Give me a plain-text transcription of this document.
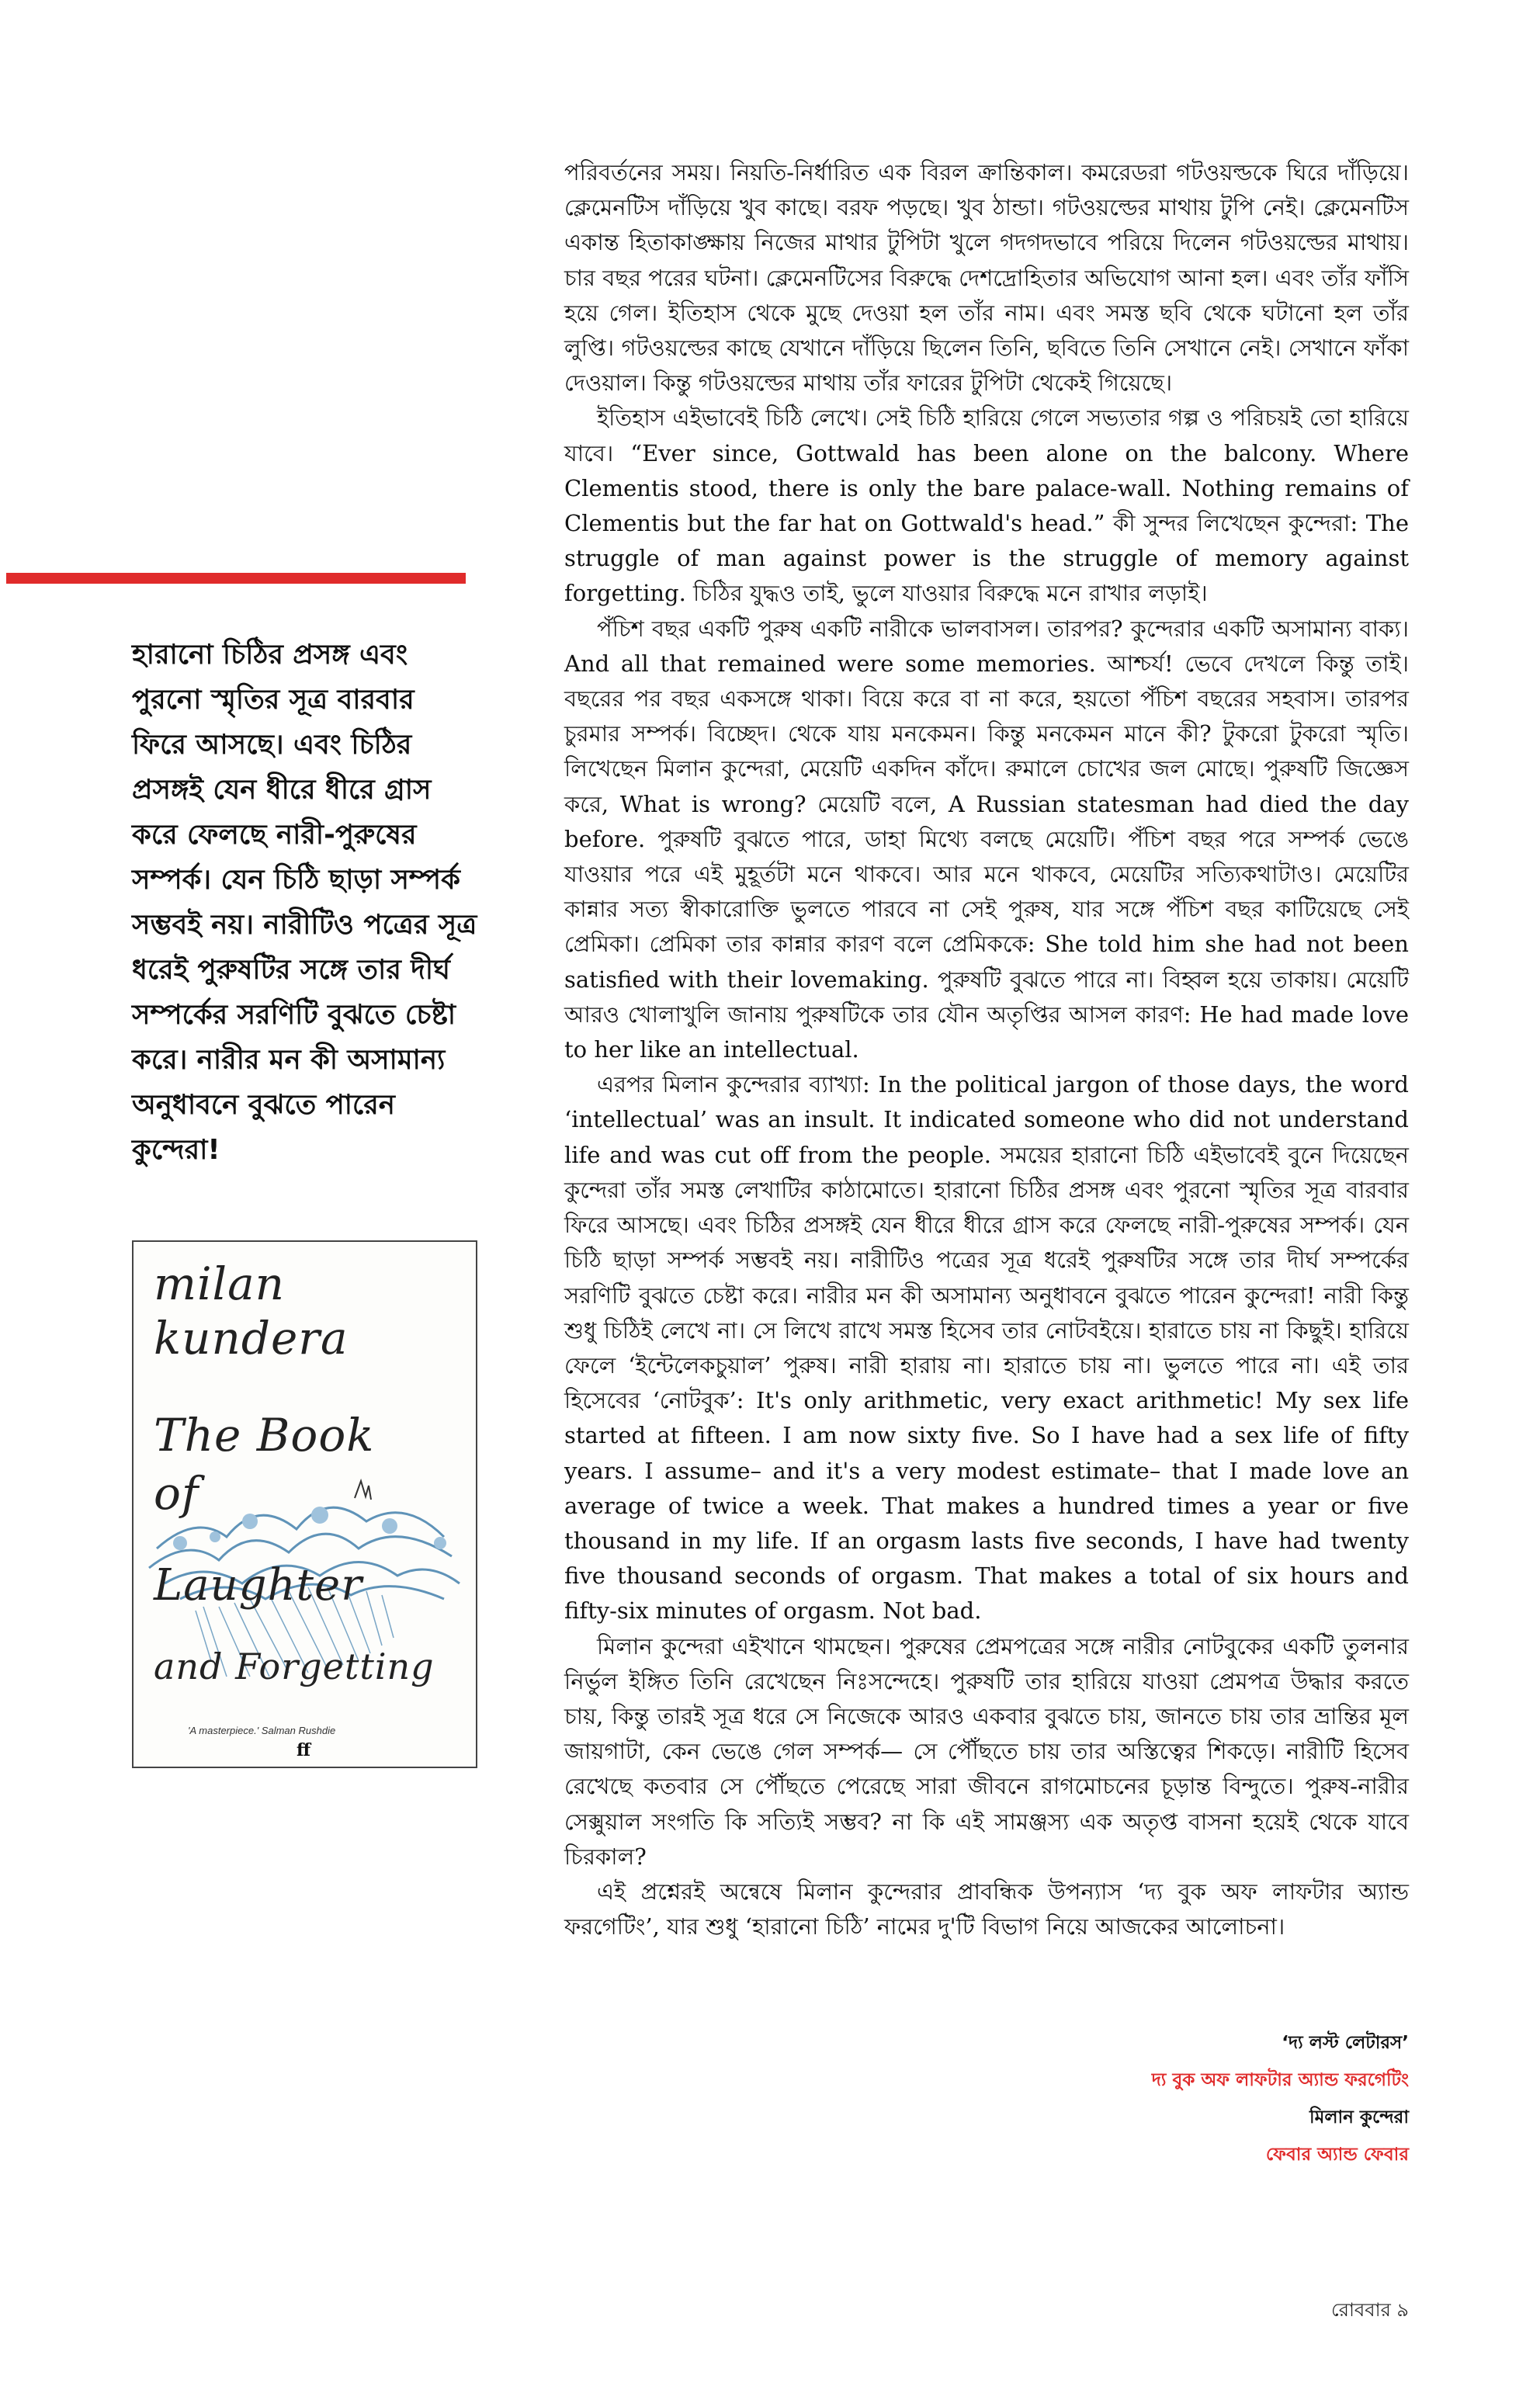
হারানো চিঠির প্রসঙ্গ এবং পুরনো স্মৃতির সূত্র বারবার ফিরে আসছে। এবং চিঠির প্রসঙ্গই যেন ধীরে ধীরে গ্রাস করে ফেলছে নারী-পুরুষের সম্পর্ক। যেন চিঠি ছাড়া সম্পর্ক সম্ভবই নয়। নারীটিও পত্রের সূত্র ধরেই পুরুষটির সঙ্গে তার দীর্ঘ সম্পর্কের সরণিটি বুঝতে চেষ্টা করে। নারীর মন কী অসামান্য অনুধাবনে বুঝতে পারেন কুন্দেরা!
milan
kundera
The Book
of
Laughter
and Forgetting
'A masterpiece.' Salman Rushdie
ff

পরিবর্তনের সময়। নিয়তি-নির্ধারিত এক বিরল ক্রান্তিকাল। কমরেডরা গটওয়ল্ডকে ঘিরে দাঁড়িয়ে। ক্লেমেনটিস দাঁড়িয়ে খুব কাছে। বরফ পড়ছে। খুব ঠান্ডা। গটওয়ল্ডের মাথায় টুপি নেই। ক্লেমেনটিস একান্ত হিতাকাঙ্ক্ষায় নিজের মাথার টুপিটা খুলে গদগদভাবে পরিয়ে দিলেন গটওয়ল্ডের মাথায়। চার বছর পরের ঘটনা। ক্লেমেনটিসের বিরুদ্ধে দেশদ্রোহিতার অভিযোগ আনা হল। এবং তাঁর ফাঁসি হয়ে গেল। ইতিহাস থেকে মুছে দেওয়া হল তাঁর নাম। এবং সমস্ত ছবি থেকে ঘটানো হল তাঁর লুপ্তি। গটওয়ল্ডের কাছে যেখানে দাঁড়িয়ে ছিলেন তিনি, ছবিতে তিনি সেখানে নেই। সেখানে ফাঁকা দেওয়াল। কিন্তু গটওয়ল্ডের মাথায় তাঁর ফারের টুপিটা থেকেই গিয়েছে।

ইতিহাস এইভাবেই চিঠি লেখে। সেই চিঠি হারিয়ে গেলে সভ্যতার গল্প ও পরিচয়ই তো হারিয়ে যাবে। “Ever since, Gottwald has been alone on the balcony. Where Clementis stood, there is only the bare palace-wall. Nothing remains of Clementis but the far hat on Gottwald's head.” কী সুন্দর লিখেছেন কুন্দেরা: The struggle of man against power is the struggle of memory against forgetting. চিঠির যুদ্ধও তাই, ভুলে যাওয়ার বিরুদ্ধে মনে রাখার লড়াই।

পঁচিশ বছর একটি পুরুষ একটি নারীকে ভালবাসল। তারপর? কুন্দেরার একটি অসামান্য বাক্য। And all that remained were some memories. আশ্চর্য! ভেবে দেখলে কিন্তু তাই। বছরের পর বছর একসঙ্গে থাকা। বিয়ে করে বা না করে, হয়তো পঁচিশ বছরের সহবাস। তারপর চুরমার সম্পর্ক। বিচ্ছেদ। থেকে যায় মনকেমন। কিন্তু মনকেমন মানে কী? টুকরো টুকরো স্মৃতি। লিখেছেন মিলান কুন্দেরা, মেয়েটি একদিন কাঁদে। রুমালে চোখের জল মোছে। পুরুষটি জিজ্ঞেস করে, What is wrong? মেয়েটি বলে, A Russian statesman had died the day before. পুরুষটি বুঝতে পারে, ডাহা মিথ্যে বলছে মেয়েটি। পঁচিশ বছর পরে সম্পর্ক ভেঙে যাওয়ার পরে এই মুহূর্তটা মনে থাকবে। আর মনে থাকবে, মেয়েটির সত্যিকথাটাও। মেয়েটির কান্নার সত্য স্বীকারোক্তি ভুলতে পারবে না সেই পুরুষ, যার সঙ্গে পঁচিশ বছর কাটিয়েছে সেই প্রেমিকা। প্রেমিকা তার কান্নার কারণ বলে প্রেমিককে: She told him she had not been satisfied with their lovemaking. পুরুষটি বুঝতে পারে না। বিহ্বল হয়ে তাকায়। মেয়েটি আরও খোলাখুলি জানায় পুরুষটিকে তার যৌন অতৃপ্তির আসল কারণ: He had made love to her like an intellectual.

এরপর মিলান কুন্দেরার ব্যাখ্যা: In the political jargon of those days, the word ‘intellectual’ was an insult. It indicated someone who did not understand life and was cut off from the people. সময়ের হারানো চিঠি এইভাবেই বুনে দিয়েছেন কুন্দেরা তাঁর সমস্ত লেখাটির কাঠামোতে। হারানো চিঠির প্রসঙ্গ এবং পুরনো স্মৃতির সূত্র বারবার ফিরে আসছে। এবং চিঠির প্রসঙ্গই যেন ধীরে ধীরে গ্রাস করে ফেলছে নারী-পুরুষের সম্পর্ক। যেন চিঠি ছাড়া সম্পর্ক সম্ভবই নয়। নারীটিও পত্রের সূত্র ধরেই পুরুষটির সঙ্গে তার দীর্ঘ সম্পর্কের সরণিটি বুঝতে চেষ্টা করে। নারীর মন কী অসামান্য অনুধাবনে বুঝতে পারেন কুন্দেরা! নারী কিন্তু শুধু চিঠিই লেখে না। সে লিখে রাখে সমস্ত হিসেব তার নোটবইয়ে। হারাতে চায় না কিছুই। হারিয়ে ফেলে ‘ইন্টেলেকচুয়াল’ পুরুষ। নারী হারায় না। হারাতে চায় না। ভুলতে পারে না। এই তার হিসেবের ‘নোটবুক’: It's only arithmetic, very exact arithmetic! My sex life started at fifteen. I am now sixty five. So I have had a sex life of fifty years. I assume– and it's a very modest estimate– that I made love an average of twice a week. That makes a hundred times a year or five thousand in my life. If an orgasm lasts five seconds, I have had twenty five thousand seconds of orgasm. That makes a total of six hours and fifty-six minutes of orgasm. Not bad.

মিলান কুন্দেরা এইখানে থামছেন। পুরুষের প্রেমপত্রের সঙ্গে নারীর নোটবুকের একটি তুলনার নির্ভুল ইঙ্গিত তিনি রেখেছেন নিঃসন্দেহে। পুরুষটি তার হারিয়ে যাওয়া প্রেমপত্র উদ্ধার করতে চায়, কিন্তু তারই সূত্র ধরে সে নিজেকে আরও একবার বুঝতে চায়, জানতে চায় তার ভ্রান্তির মূল জায়গাটা, কেন ভেঙে গেল সম্পর্ক— সে পৌঁছতে চায় তার অস্তিত্বের শিকড়ে। নারীটি হিসেব রেখেছে কতবার সে পৌঁছতে পেরেছে সারা জীবনে রাগমোচনের চূড়ান্ত বিন্দুতে। পুরুষ-নারীর সেক্সুয়াল সংগতি কি সত্যিই সম্ভব? না কি এই সামঞ্জস্য এক অতৃপ্ত বাসনা হয়েই থেকে যাবে চিরকাল?

এই প্রশ্নেরই অন্বেষে মিলান কুন্দেরার প্রাবন্ধিক উপন্যাস ‘দ্য বুক অফ লাফটার অ্যান্ড ফরগেটিং’, যার শুধু ‘হারানো চিঠি’ নামের দু'টি বিভাগ নিয়ে আজকের আলোচনা।

‘দ্য লস্ট লেটারস’
দ্য বুক অফ লাফটার অ্যান্ড ফরগেটিং
মিলান কুন্দেরা
ফেবার অ্যান্ড ফেবার
রোববার ৯
